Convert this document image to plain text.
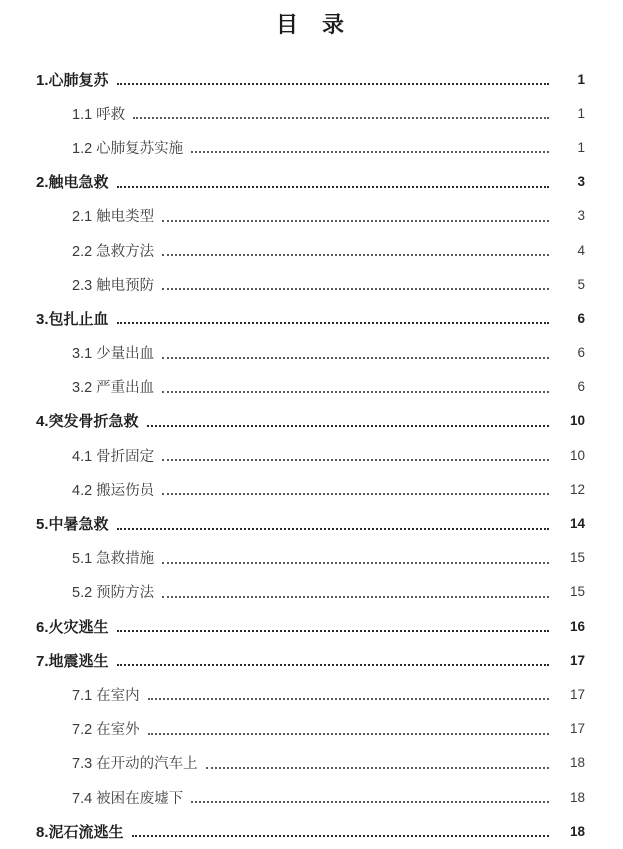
目　录
1.心肺复苏	1
1.1 呼救	1
1.2 心肺复苏实施	1
2.触电急救	3
2.1 触电类型	3
2.2 急救方法	4
2.3 触电预防	5
3.包扎止血	6
3.1 少量出血	6
3.2 严重出血	6
4.突发骨折急救	10
4.1 骨折固定	10
4.2 搬运伤员	12
5.中暑急救	14
5.1 急救措施	15
5.2 预防方法	15
6.火灾逃生	16
7.地震逃生	17
7.1 在室内	17
7.2 在室外	17
7.3 在开动的汽车上	18
7.4 被困在废墟下	18
8.泥石流逃生	18
